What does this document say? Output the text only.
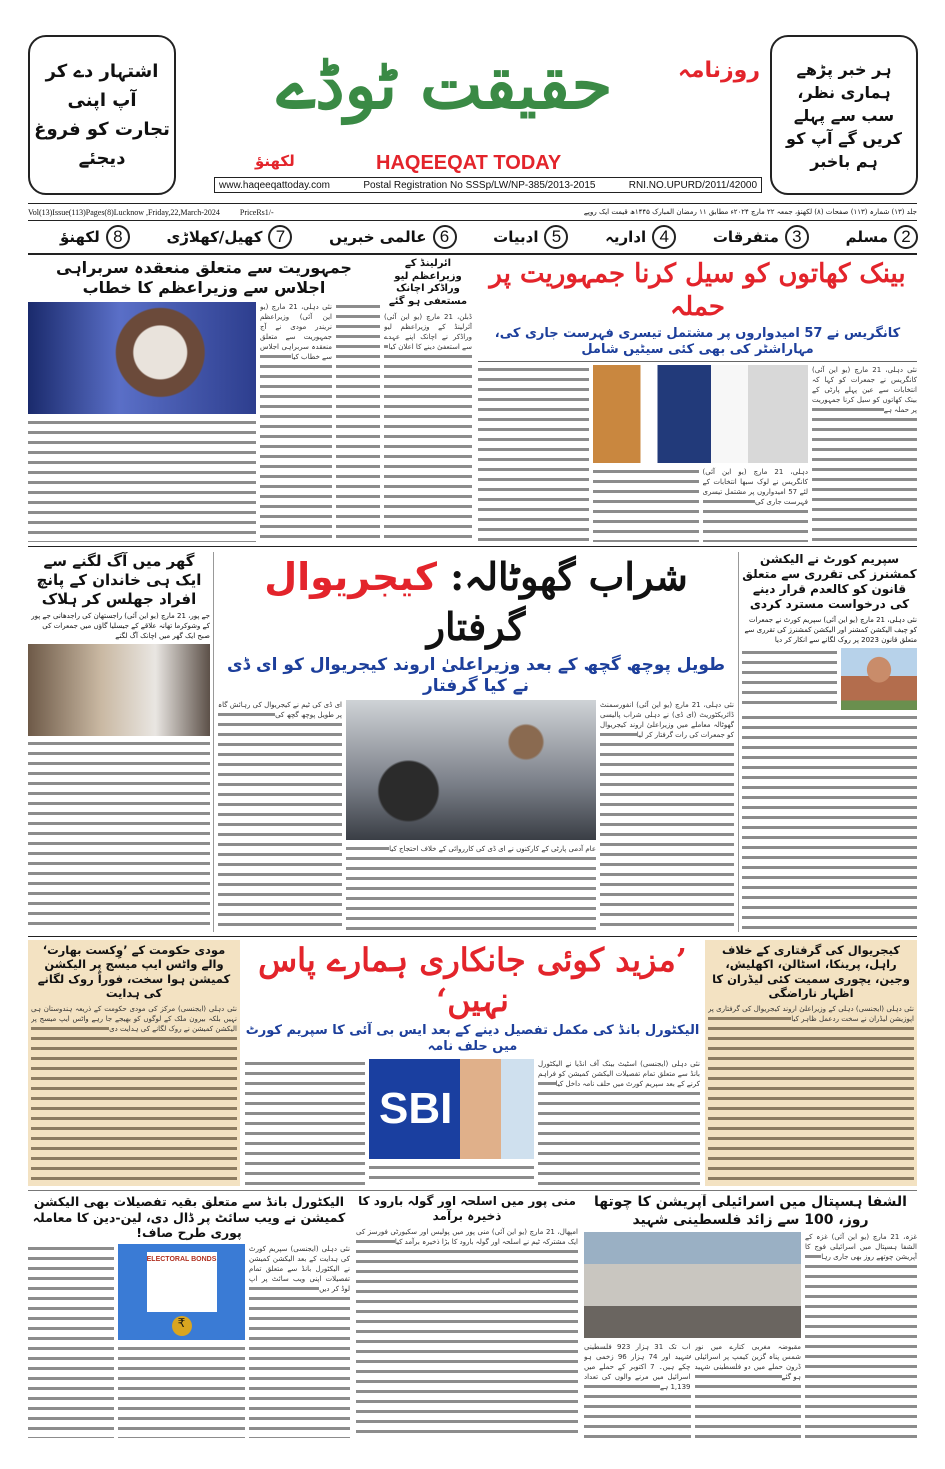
اشتہار دے کر
آپ اپنی
تجارت کو فروغ
دیجئے
ہر خبر پڑھے
ہماری نظر،
سب سے پہلے
کریں گے آپ کو
ہم باخبر
حقیقت ٹوڈے	روزنامہ
لکھنؤ	HAQEEQAT TODAY
www.haqeeqattoday.com	Postal Registration No SSSp/LW/NP-385/2013-2015	RNI.NO.UPURD/2011/42000
Vol(13)Issue(113)Pages(8)Lucknow ,Friday,22,March-2024	PriceRs1/-	جلد (۱۳) شمارہ (۱۱۳) صفحات (۸) لکھنؤ، جمعہ ۲۲ مارچ ۲۰۲۴ء مطابق ۱۱ رمضان المبارک ۱۴۴۵ھ قیمت ایک روپے
2
مسلم
3
متفرقات
4
اداریہ
5
ادبیات
6
عالمی خبریں
7
کھیل/کھلاڑی
8
لکھنؤ
جمہوریت سے متعلق منعقدہ سربراہی اجلاس سے وزیراعظم کا خطاب
نئی دہلی، 21 مارچ (یو این آئی) وزیراعظم نریندر مودی نے آج جمہوریت سے متعلق منعقدہ سربراہی اجلاس سے خطاب کیا
آئرلینڈ کے وزیراعظم لیو وراڈکر اچانک مستعفی ہو گئے
ڈبلن، 21 مارچ (یو این آئی) آئرلینڈ کے وزیراعظم لیو وراڈکر نے اچانک اپنے عہدے سے استعفیٰ دینے کا اعلان کیا
بینک کھاتوں کو سیل کرنا جمہوریت پر حملہ
کانگریس نے 57 امیدواروں پر مشتمل تیسری فہرست جاری کی، مہاراشٹر کی بھی کئی سیٹیں شامل
دہلی، 21 مارچ (یو این آئی) کانگریس نے لوک سبھا انتخابات کے لئے 57 امیدواروں پر مشتمل تیسری فہرست جاری کی
نئی دہلی، 21 مارچ (یو این آئی) کانگریس نے جمعرات کو کہا کہ انتخابات سے عین پہلے پارٹی کے بینک کھاتوں کو سیل کرنا جمہوریت پر حملہ ہے
گھر میں آگ لگنے سے ایک ہی خاندان کے پانچ افراد جھلس کر ہلاک
جے پور، 21 مارچ (یو این آئی) راجستھان کی راجدھانی جے پور کے وشوکرما تھانہ علاقے کے جیسلیا گاؤں میں جمعرات کی صبح ایک گھر میں اچانک آگ لگنے
شراب گھوٹالہ: کیجریوال گرفتار
طویل پوچھ گچھ کے بعد وزیراعلیٰ اروند کیجریوال کو ای ڈی نے کیا گرفتار
ای ڈی کی ٹیم نے کیجریوال کی رہائش گاہ پر طویل پوچھ گچھ کی
عام آدمی پارٹی کے کارکنوں نے ای ڈی کی کارروائی کے خلاف احتجاج کیا
نئی دہلی، 21 مارچ (یو این آئی) انفورسمنٹ ڈائریکٹوریٹ (ای ڈی) نے دہلی شراب پالیسی گھوٹالہ معاملے میں وزیراعلیٰ اروند کیجریوال کو جمعرات کی رات گرفتار کر لیا
سپریم کورٹ نے الیکشن کمشنرز کی تقرری سے متعلق قانون کو کالعدم قرار دینے کی درخواست مسترد کردی
نئی دہلی، 21 مارچ (یو این آئی) سپریم کورٹ نے جمعرات کو چیف الیکشن کمشنر اور الیکشن کمشنرز کی تقرری سے متعلق قانون 2023 پر روک لگانے سے انکار کر دیا
مودی حکومت کے ’وِکست بھارت‘ والے واٹس ایپ میسج پر الیکشن کمیشن ہوا سخت، فوراً روک لگانے کی ہدایت
نئی دہلی (ایجنسی) مرکز کی مودی حکومت کے ذریعہ ہندوستان ہی نہیں بلکہ بیرون ملک کے لوگوں کو بھیجے جا رہے واٹس ایپ میسج پر الیکشن کمیشن نے روک لگانے کی ہدایت دی
’مزید کوئی جانکاری ہمارے پاس نہیں‘
الیکٹورل بانڈ کی مکمل تفصیل دینے کے بعد ایس بی آئی کا سپریم کورٹ میں حلف نامہ
SBI
نئی دہلی (ایجنسی) اسٹیٹ بینک آف انڈیا نے الیکٹورل بانڈ سے متعلق تمام تفصیلات الیکشن کمیشن کو فراہم کرنے کے بعد سپریم کورٹ میں حلف نامہ داخل کیا
کیجریوال کی گرفتاری کے خلاف راہل، پرینکا، اسٹالن، اکھلیش، وجین، یچوری سمیت کئی لیڈران کا اظہار ناراضگی
نئی دہلی (ایجنسی) دہلی کے وزیراعلیٰ اروند کیجریوال کی گرفتاری پر اپوزیشن لیڈران نے سخت ردعمل ظاہر کیا
الیکٹورل بانڈ سے متعلق بقیہ تفصیلات بھی الیکشن کمیشن نے ویب سائٹ پر ڈال دی، لین-دین کا معاملہ پوری طرح صاف!
ELECTORAL BONDS
₹
نئی دہلی (ایجنسی) سپریم کورٹ کی ہدایت کے بعد الیکشن کمیشن نے الیکٹورل بانڈ سے متعلق تمام تفصیلات اپنی ویب سائٹ پر اپ لوڈ کر دیں
منی پور میں اسلحہ اور گولہ بارود کا ذخیرہ برآمد
امپھال، 21 مارچ (یو این آئی) منی پور میں پولیس اور سکیورٹی فورسز کی ایک مشترکہ ٹیم نے اسلحہ اور گولہ بارود کا بڑا ذخیرہ برآمد کیا
الشفا ہسپتال میں اسرائیلی آپریشن کا چوتھا روز، 100 سے زائد فلسطینی شہید
اب تک 31 ہزار 923 فلسطینی شہید اور 74 ہزار 96 زخمی ہو چکے ہیں۔ 7 اکتوبر کے حملے میں اسرائیل میں مرنے والوں کی تعداد 1,139 ہے
مقبوضہ مغربی کنارے میں نور شمس پناہ گزین کیمپ پر اسرائیلی ڈرون حملے میں دو فلسطینی شہید ہو گئے
غزہ، 21 مارچ (یو این آئی) غزہ کے الشفا ہسپتال میں اسرائیلی فوج کا آپریشن چوتھے روز بھی جاری رہا
